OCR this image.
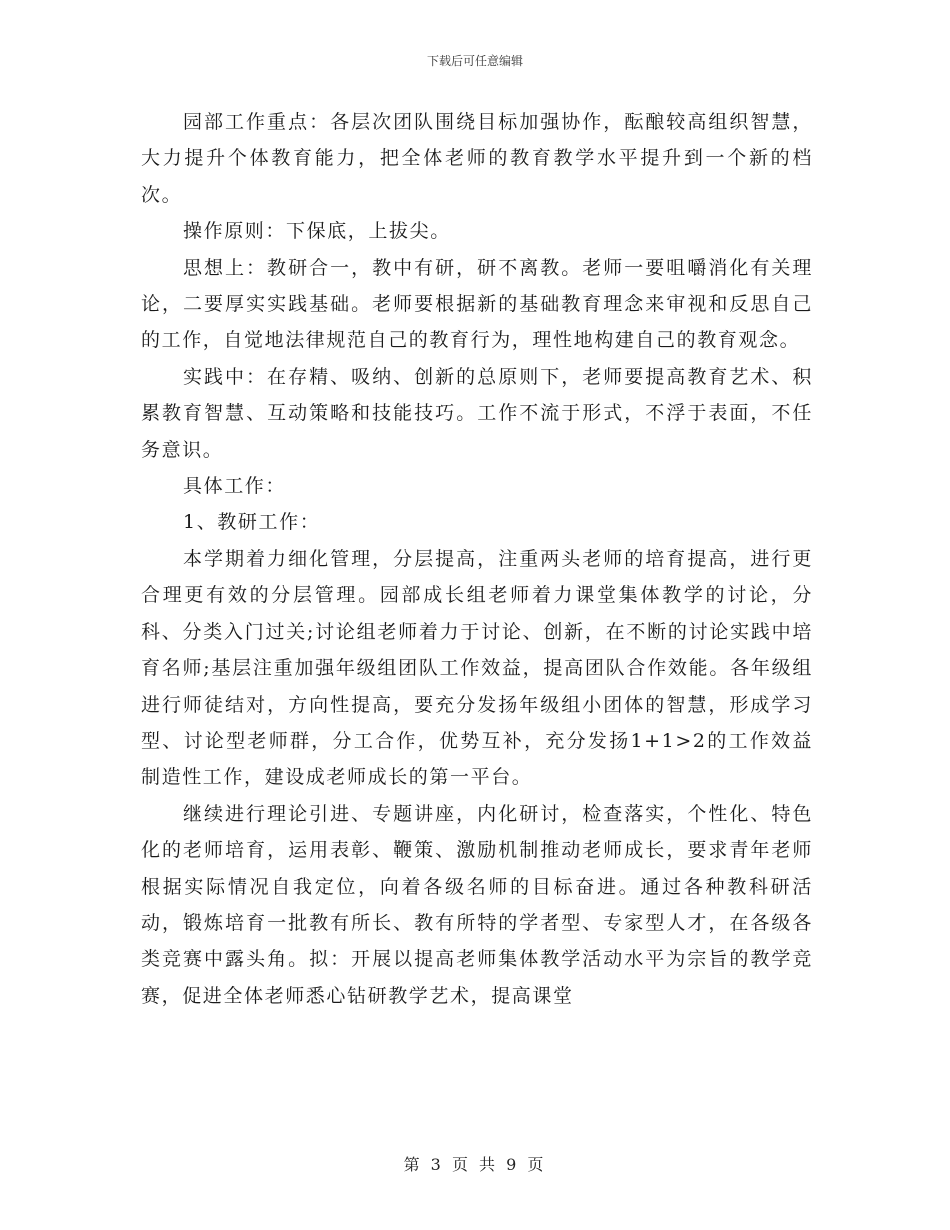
下载后可任意编辑

园部工作重点：各层次团队围绕目标加强协作，酝酿较高组织智慧，大力提升个体教育能力，把全体老师的教育教学水平提升到一个新的档次。

操作原则：下保底，上拔尖。

思想上：教研合一，教中有研，研不离教。老师一要咀嚼消化有关理论，二要厚实实践基础。老师要根据新的基础教育理念来审视和反思自己的工作，自觉地法律规范自己的教育行为，理性地构建自己的教育观念。

实践中：在存精、吸纳、创新的总原则下，老师要提高教育艺术、积累教育智慧、互动策略和技能技巧。工作不流于形式，不浮于表面，不任务意识。

具体工作：

1、教研工作：

本学期着力细化管理，分层提高，注重两头老师的培育提高，进行更合理更有效的分层管理。园部成长组老师着力课堂集体教学的讨论，分科、分类入门过关;讨论组老师着力于讨论、创新，在不断的讨论实践中培育名师;基层注重加强年级组团队工作效益，提高团队合作效能。各年级组进行师徒结对，方向性提高，要充分发扬年级组小团体的智慧，形成学习型、讨论型老师群，分工合作，优势互补，充分发扬1+1>2的工作效益制造性工作，建设成老师成长的第一平台。

继续进行理论引进、专题讲座，内化研讨，检查落实，个性化、特色化的老师培育，运用表彰、鞭策、激励机制推动老师成长，要求青年老师根据实际情况自我定位，向着各级名师的目标奋进。通过各种教科研活动，锻炼培育一批教有所长、教有所特的学者型、专家型人才，在各级各类竞赛中露头角。拟：开展以提高老师集体教学活动水平为宗旨的教学竞赛，促进全体老师悉心钻研教学艺术，提高课堂

第 3 页 共 9 页
